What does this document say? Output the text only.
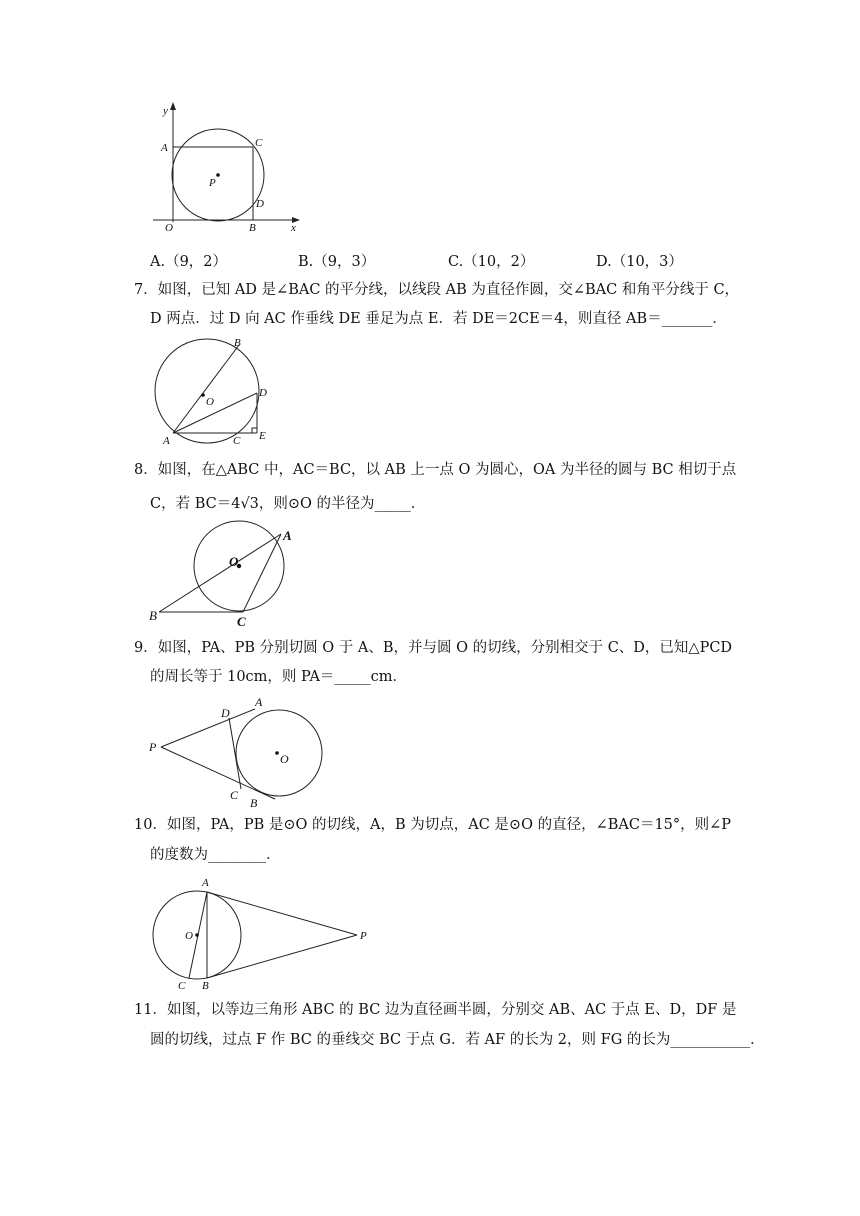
y
x
A	C
P
D
O	B
A.（9，2）	B.（9，3）	C.（10，2）	D.（10，3）
7．如图，已知 AD 是∠BAC 的平分线，以线段 AB 为直径作圆，交∠BAC 和角平分线于 C，
D 两点．过 D 向 AC 作垂线 DE 垂足为点 E．若 DE＝2CE＝4，则直径 AB＝_______．
B
O
D
A	C E
8．如图，在△ABC 中，AC＝BC，以 AB 上一点 O 为圆心，OA 为半径的圆与 BC 相切于点
C，若 BC＝4√3，则⊙O 的半径为_____．
O
A
B	C
9．如图，PA、PB 分别切圆 O 于 A、B，并与圆 O 的切线，分别相交于 C、D，已知△PCD
的周长等于 10cm，则 PA＝_____cm．
P
D
A
O
C
B
10．如图，PA，PB 是⊙O 的切线，A，B 为切点，AC 是⊙O 的直径，∠BAC＝15°，则∠P
的度数为________．
A
O	P
C B
11．如图，以等边三角形 ABC 的 BC 边为直径画半圆，分别交 AB、AC 于点 E、D，DF 是
圆的切线，过点 F 作 BC 的垂线交 BC 于点 G．若 AF 的长为 2，则 FG 的长为___________．
